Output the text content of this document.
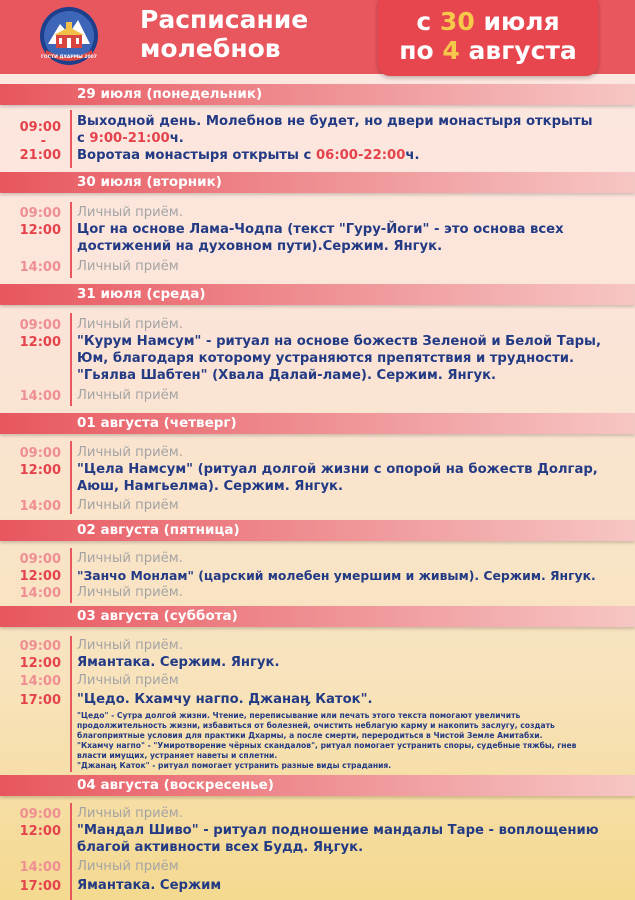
ГОСТИ ДХАРМЫ 2007
Расписание
молебнов
с 30 июля
по 4 августа
29 июля (понедельник)
09:00
-
21:00
Выходной день. Молебнов не будет, но двери монастыря открыты
с 9:00-21:00ч.
Воротаа монастыря открыты с 06:00-22:00ч.
30 июля (вторник)
09:00
12:00
14:00
Личный приём.
Цог на основе Лама-Чодпа (текст "Гуру-Йоги" - это основа всех
достижений на духовном пути).Сержим. Янгук.
Личный приём
31 июля (среда)
09:00
12:00
14:00
Личный приём.
"Курум Намсум" - ритуал на основе божеств Зеленой и Белой Тары,
Юм, благодаря которому устраняются препятствия и трудности.
"Гьялва Шабтен" (Хвала Далай-ламе). Сержим. Янгук.
Личный приём
01 августа (четверг)
09:00
12:00
14:00
Личный приём.
"Цела Намсум" (ритуал долгой жизни с опорой на божеств Долгар,
Аюш, Намгьелма). Сержим. Янгук.
Личный приём
02 августа (пятница)
09:00
12:00
14:00
Личный приём.
"Занчо Монлам" (царский молебен умершим и живым). Сержим. Янгук.
Личный приём.
03 августа (суббота)
09:00
12:00
14:00
17:00
Личный приём.
Ямантака. Сержим. Янгук.
Личный приём
"Цедо. Кхамчу нагпо. Джанаӊ Каток".
"Цедо" - Сутра долгой жизни. Чтение, переписывание или печать этого текста помогают увеличить
продолжительность жизни, избавиться от болезней, очистить неблагую карму и накопить заслугу, создать
благоприятные условия для практики Дхармы, а после смерти, переродиться в Чистой Земле Амитабхи.
"Кхамчу нагпо" - "Умиротворение чёрных скандалов", ритуал помогает устранить споры, судебные тяжбы, гнев
власти имущих, устраняет наветы и сплетни.
"Джанаӊ Каток" - ритуал помогает устранить разные виды страдания.
04 августа (воскресенье)
09:00
12:00
14:00
17:00
Личный приём.
"Мандал Шиво" - ритуал подношение мандалы Таре - воплощению
благой активности всех Будд. Яӊгук.
Личный приём
Ямантака. Сержим
